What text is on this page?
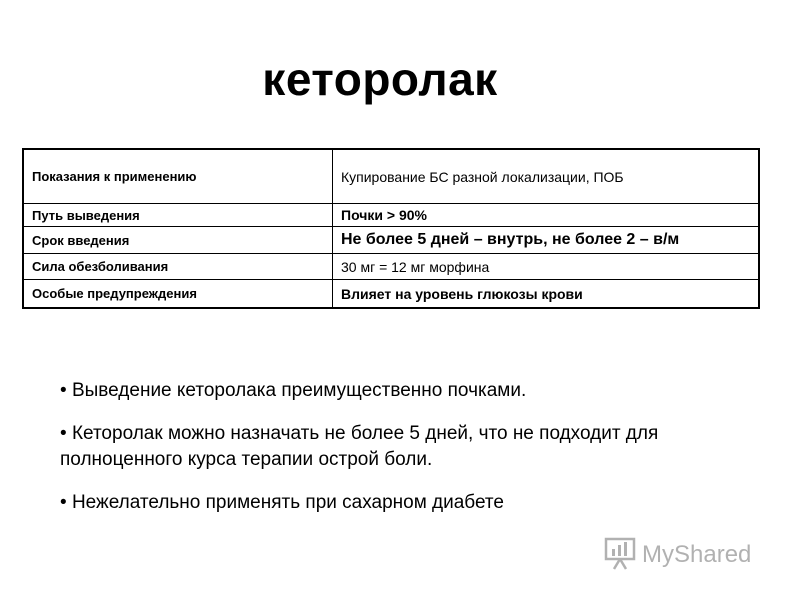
кеторолак
Показания к применению	Купирование БС разной локализации, ПОБ
Путь выведения	Почки > 90%
Срок введения	Не более 5 дней – внутрь, не более 2 – в/м
Сила обезболивания	30 мг = 12 мг морфина
Особые предупреждения	Влияет на уровень глюкозы крови

• Выведение кеторолака преимущественно почками.

• Кеторолак можно назначать не более 5 дней, что не подходит для полноценного курса терапии острой боли.

• Нежелательно применять при сахарном диабете

MyShared
